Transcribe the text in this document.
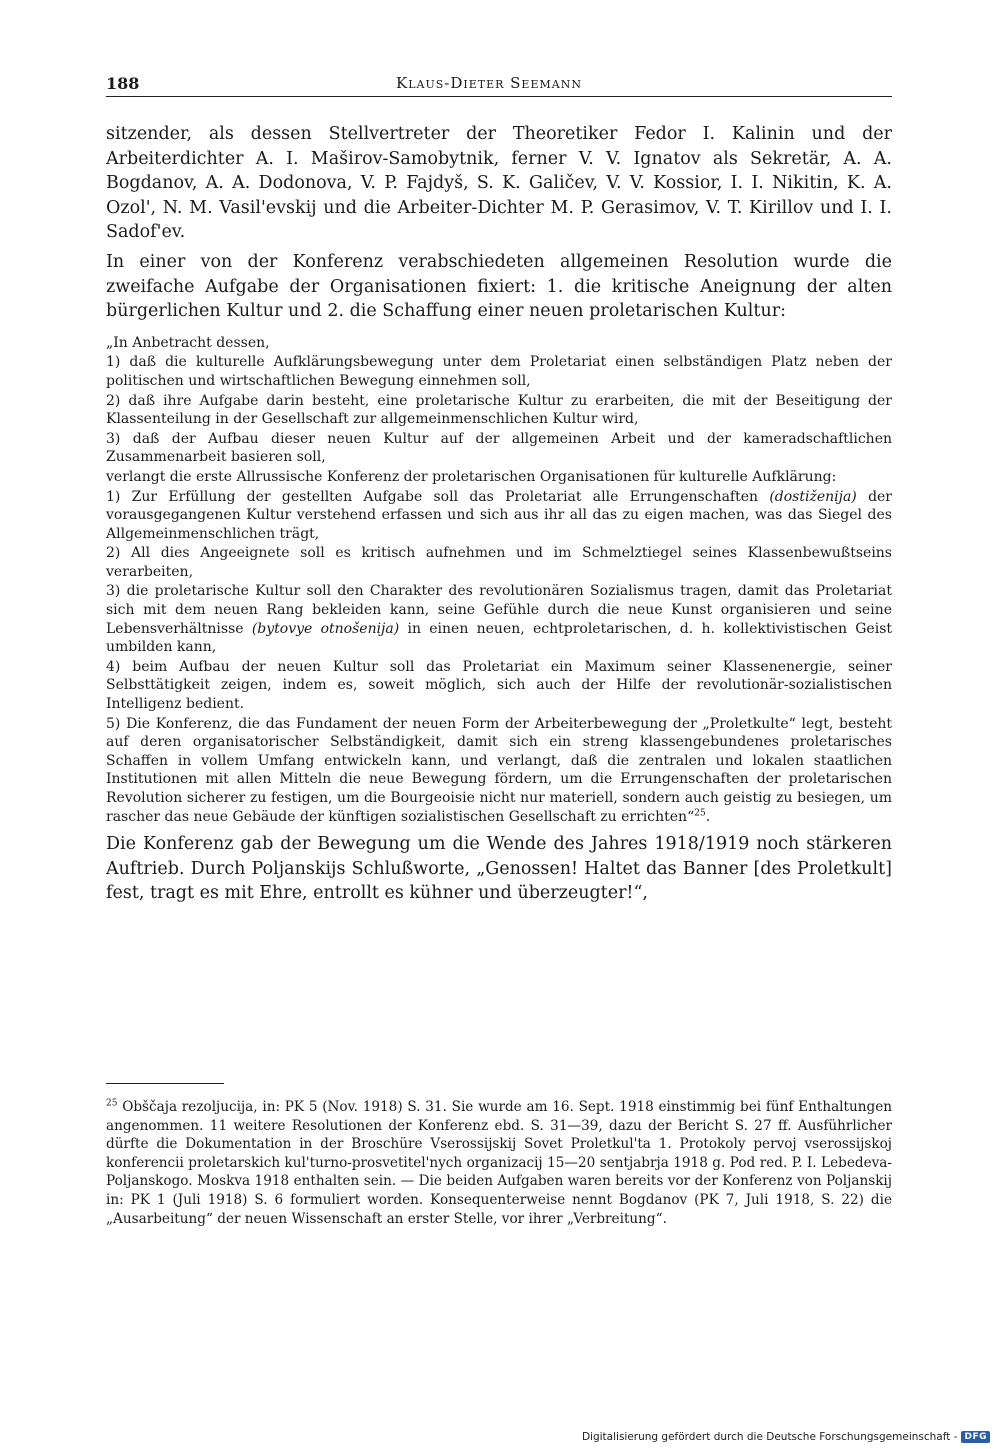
188	Klaus-Dieter Seemann

sitzender, als dessen Stellvertreter der Theoretiker Fedor I. Kalinin und der Arbeiterdichter A. I. Maširov-Samobytnik, ferner V. V. Ignatov als Sekretär, A. A. Bogdanov, A. A. Dodonova, V. P. Fajdyš, S. K. Galičev, V. V. Kossior, I. I. Nikitin, K. A. Ozol', N. M. Vasil'evskij und die Arbeiter-Dichter M. P. Gerasimov, V. T. Kirillov und I. I. Sadof'ev.

In einer von der Konferenz verabschiedeten allgemeinen Resolution wurde die zweifache Aufgabe der Organisationen fixiert: 1. die kritische Aneignung der alten bürgerlichen Kultur und 2. die Schaffung einer neuen proletarischen Kultur:

„In Anbetracht dessen,

1) daß die kulturelle Aufklärungsbewegung unter dem Proletariat einen selbständigen Platz neben der politischen und wirtschaftlichen Bewegung einnehmen soll,

2) daß ihre Aufgabe darin besteht, eine proletarische Kultur zu erarbeiten, die mit der Beseitigung der Klassenteilung in der Gesellschaft zur allgemeinmenschlichen Kultur wird,

3) daß der Aufbau dieser neuen Kultur auf der allgemeinen Arbeit und der kameradschaftlichen Zusammenarbeit basieren soll,

verlangt die erste Allrussische Konferenz der proletarischen Organisationen für kulturelle Aufklärung:

1) Zur Erfüllung der gestellten Aufgabe soll das Proletariat alle Errungenschaften (dostiženija) der vorausgegangenen Kultur verstehend erfassen und sich aus ihr all das zu eigen machen, was das Siegel des Allgemeinmenschlichen trägt,

2) All dies Angeeignete soll es kritisch aufnehmen und im Schmelztiegel seines Klassenbewußtseins verarbeiten,

3) die proletarische Kultur soll den Charakter des revolutionären Sozialismus tragen, damit das Proletariat sich mit dem neuen Rang bekleiden kann, seine Gefühle durch die neue Kunst organisieren und seine Lebensverhältnisse (bytovye otnošenija) in einen neuen, echtproletarischen, d. h. kollektivistischen Geist umbilden kann,

4) beim Aufbau der neuen Kultur soll das Proletariat ein Maximum seiner Klassenenergie, seiner Selbsttätigkeit zeigen, indem es, soweit möglich, sich auch der Hilfe der revolutionär-sozialistischen Intelligenz bedient.

5) Die Konferenz, die das Fundament der neuen Form der Arbeiterbewegung der „Proletkulte“ legt, besteht auf deren organisatorischer Selbständigkeit, damit sich ein streng klassengebundenes proletarisches Schaffen in vollem Umfang entwickeln kann, und verlangt, daß die zentralen und lokalen staatlichen Institutionen mit allen Mitteln die neue Bewegung fördern, um die Errungenschaften der proletarischen Revolution sicherer zu festigen, um die Bourgeoisie nicht nur materiell, sondern auch geistig zu besiegen, um rascher das neue Gebäude der künftigen sozialistischen Gesellschaft zu errichten“$^{25}$.

Die Konferenz gab der Bewegung um die Wende des Jahres 1918/1919 noch stärkeren Auftrieb. Durch Poljanskijs Schlußworte, „Genossen! Haltet das Banner [des Proletkult] fest, tragt es mit Ehre, entrollt es kühner und überzeugter!“,

$^{25}$ Obščaja rezoljucija, in: PK 5 (Nov. 1918) S. 31. Sie wurde am 16. Sept. 1918 einstimmig bei fünf Enthaltungen angenommen. 11 weitere Resolutionen der Konferenz ebd. S. 31—39, dazu der Bericht S. 27 ff. Ausführlicher dürfte die Dokumentation in der Broschüre Vserossijskij Sovet Proletkul'ta 1. Protokoly pervoj vserossijskoj konferencii proletarskich kul'turno-prosvetitel'nych organizacij 15—20 sentjabrja 1918 g. Pod red. P. I. Lebedeva-Poljanskogo. Moskva 1918 enthalten sein. — Die beiden Aufgaben waren bereits vor der Konferenz von Poljanskij in: PK 1 (Juli 1918) S. 6 formuliert worden. Konsequenterweise nennt Bogdanov (PK 7, Juli 1918, S. 22) die „Ausarbeitung“ der neuen Wissenschaft an erster Stelle, vor ihrer „Verbreitung“.

Digitalisierung gefördert durch die Deutsche Forschungsgemeinschaft - DFG
